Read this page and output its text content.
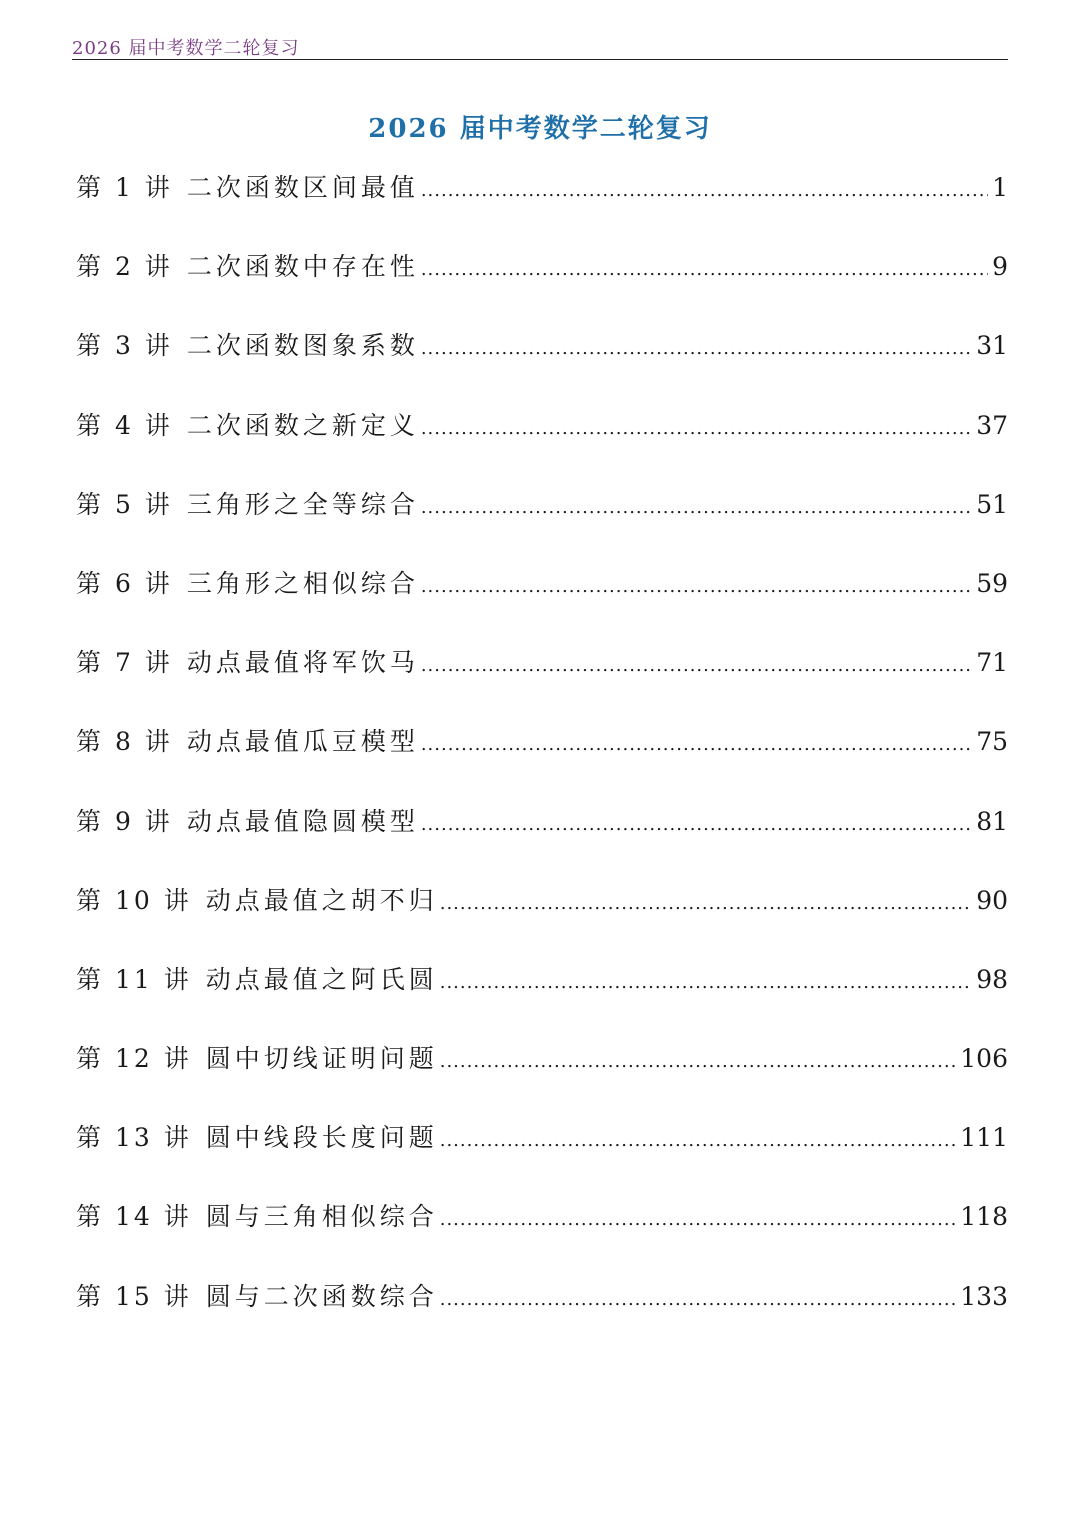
2026 届中考数学二轮复习
2026 届中考数学二轮复习
第 1 讲 二次函数区间最值 .....	1
第 2 讲 二次函数中存在性 .....	9
第 3 讲 二次函数图象系数 .....	31
第 4 讲 二次函数之新定义 .....	37
第 5 讲 三角形之全等综合 .....	51
第 6 讲 三角形之相似综合 .....	59
第 7 讲 动点最值将军饮马 .....	71
第 8 讲 动点最值瓜豆模型 .....	75
第 9 讲 动点最值隐圆模型 .....	81
第 10 讲 动点最值之胡不归 .....	90
第 11 讲 动点最值之阿氏圆 .....	98
第 12 讲 圆中切线证明问题 .....	106
第 13 讲 圆中线段长度问题 .....	111
第 14 讲 圆与三角相似综合 .....	118
第 15 讲 圆与二次函数综合 .....	133
